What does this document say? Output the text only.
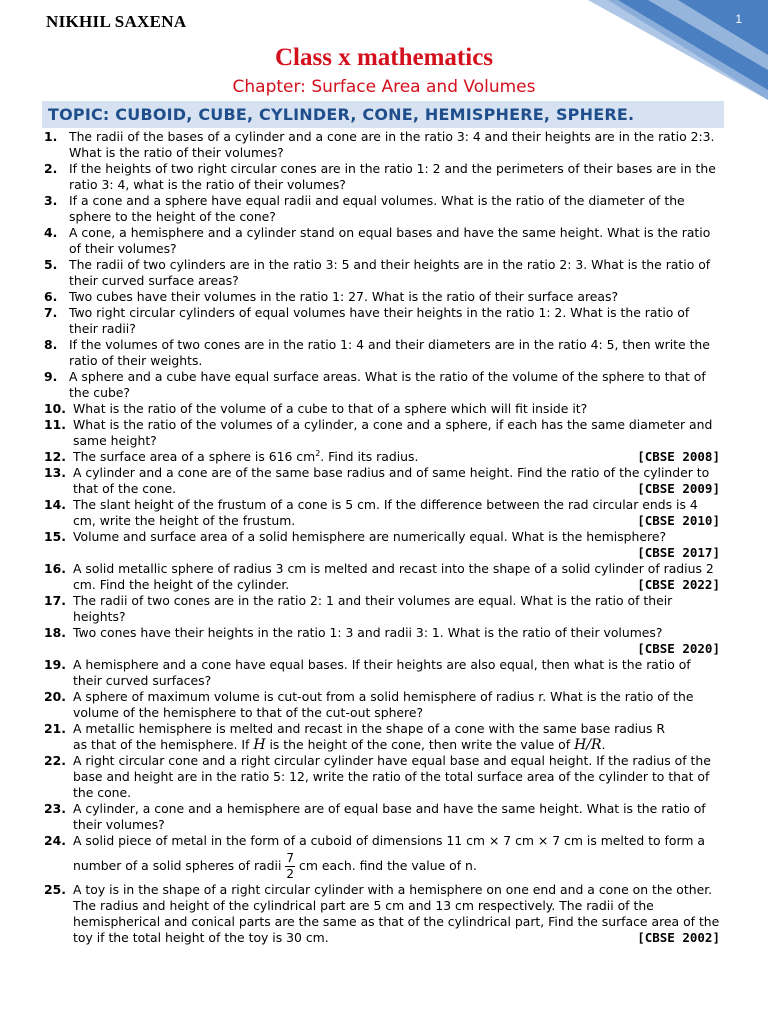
1
NIKHIL SAXENA
Class x mathematics
Chapter: Surface Area and Volumes
TOPIC: CUBOID, CUBE, CYLINDER, CONE, HEMISPHERE, SPHERE.
1. The radii of the bases of a cylinder and a cone are in the ratio 3: 4 and their heights are in the ratio 2:3. What is the ratio of their volumes?
2. If the heights of two right circular cones are in the ratio 1: 2 and the perimeters of their bases are in the ratio 3: 4, what is the ratio of their volumes?
3. If a cone and a sphere have equal radii and equal volumes. What is the ratio of the diameter of the sphere to the height of the cone?
4. A cone, a hemisphere and a cylinder stand on equal bases and have the same height. What is the ratio of their volumes?
5. The radii of two cylinders are in the ratio 3: 5 and their heights are in the ratio 2: 3. What is the ratio of their curved surface areas?
6. Two cubes have their volumes in the ratio 1: 27. What is the ratio of their surface areas?
7. Two right circular cylinders of equal volumes have their heights in the ratio 1: 2. What is the ratio of their radii?
8. If the volumes of two cones are in the ratio 1: 4 and their diameters are in the ratio 4: 5, then write the ratio of their weights.
9. A sphere and a cube have equal surface areas. What is the ratio of the volume of the sphere to that of the cube?
10. What is the ratio of the volume of a cube to that of a sphere which will fit inside it?
11. What is the ratio of the volumes of a cylinder, a cone and a sphere, if each has the same diameter and same height?
12.	[CBSE 2008]
The surface area of a sphere is 616 $cm^2$. Find its radius.
13. A cylinder and a cone are of the same base radius and of same height. Find the ratio of the cylinder to that of the cone.	[CBSE 2009]
14. The slant height of the frustum of a cone is 5 cm. If the difference between the rad circular ends is 4 cm, write the height of the frustum.	[CBSE 2010]
15. Volume and surface area of a solid hemisphere are numerically equal. What is the hemisphere?
[CBSE 2017]
16. A solid metallic sphere of radius 3 cm is melted and recast into the shape of a solid cylinder of radius 2 cm. Find the height of the cylinder.	[CBSE 2022]
17. The radii of two cones are in the ratio 2: 1 and their volumes are equal. What is the ratio of their heights?
18. Two cones have their heights in the ratio 1: 3 and radii 3: 1. What is the ratio of their volumes?
[CBSE 2020]
19. A hemisphere and a cone have equal bases. If their heights are also equal, then what is the ratio of their curved surfaces?
20. A sphere of maximum volume is cut-out from a solid hemisphere of radius r. What is the ratio of the volume of the hemisphere to that of the cut-out sphere?
21. A metallic hemisphere is melted and recast in the shape of a cone with the same base radius R
as that of the hemisphere. If H is the height of the cone, then write the value of H/R.
22. A right circular cone and a right circular cylinder have equal base and equal height. If the radius of the base and height are in the ratio 5: 12, write the ratio of the total surface area of the cylinder to that of the cone.
23. A cylinder, a cone and a hemisphere are of equal base and have the same height. What is the ratio of their volumes?
24. A solid piece of metal in the form of a cuboid of dimensions 11 cm × 7 cm × 7 cm is melted to form a
number of a solid spheres of radii $\frac{7}{2}$ cm each. find the value of n.
25. A toy is in the shape of a right circular cylinder with a hemisphere on one end and a cone on the other. The radius and height of the cylindrical part are 5 cm and 13 cm respectively. The radii of the hemispherical and conical parts are the same as that of the cylindrical part, Find the surface area of the toy if the total height of the toy is 30 cm.	[CBSE 2002]
